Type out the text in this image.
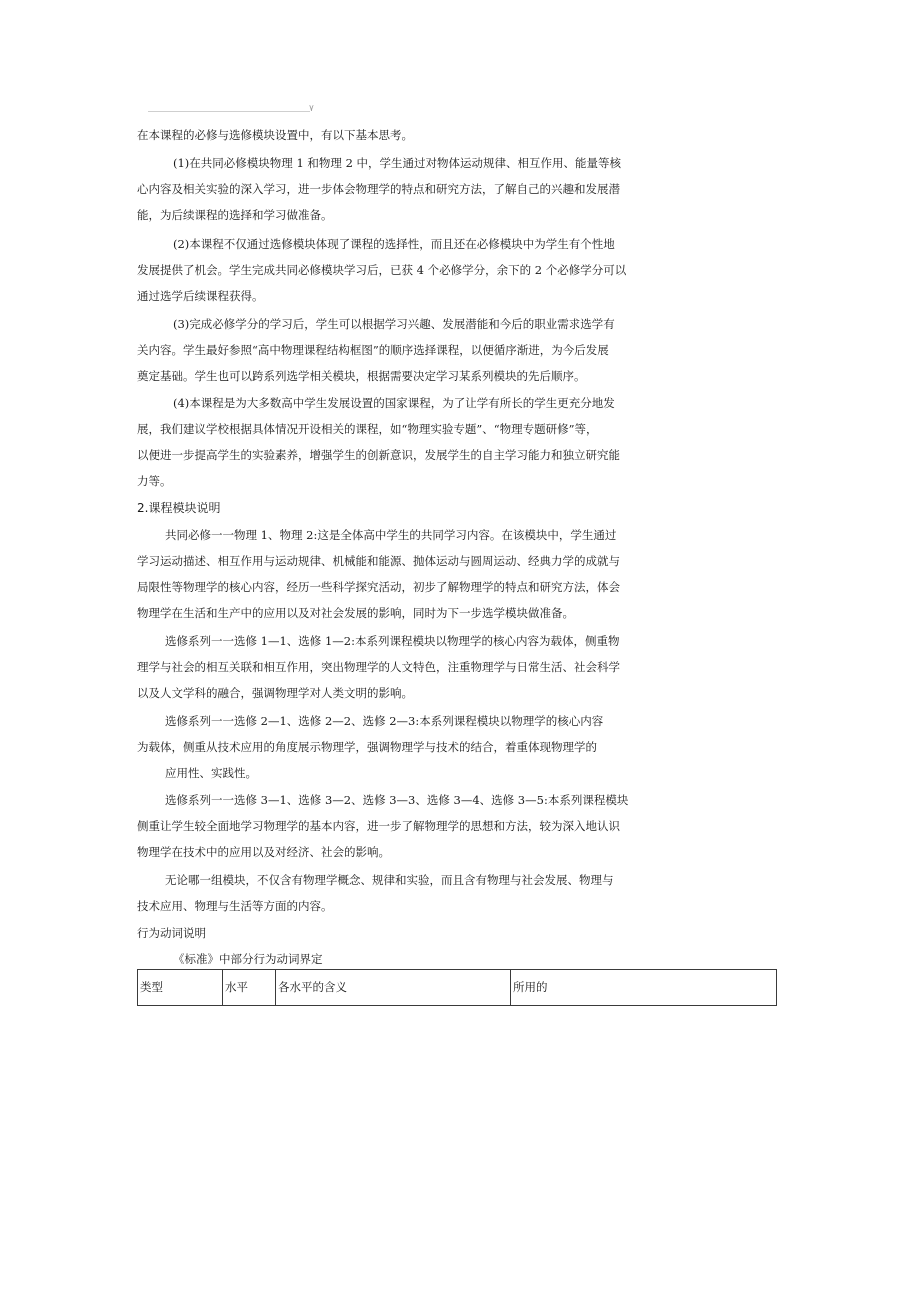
۷
在本课程的必修与选修模块设置中，有以下基本思考。
(1)在共同必修模块物理 1 和物理 2 中，学生通过对物体运动规律、相互作用、能量等核
心内容及相关实验的深入学习，进一步体会物理学的特点和研究方法，了解自己的兴趣和发展潜
能，为后续课程的选择和学习做准备。
(2)本课程不仅通过选修模块体现了课程的选择性，而且还在必修模块中为学生有个性地
发展提供了机会。学生完成共同必修模块学习后，已获 4 个必修学分，余下的 2 个必修学分可以
通过选学后续课程获得。
(3)完成必修学分的学习后，学生可以根据学习兴趣、发展潜能和今后的职业需求选学有
关内容。学生最好参照“高中物理课程结构框图”的顺序选择课程，以便循序渐进，为今后发展
奠定基础。学生也可以跨系列选学相关模块，根据需要决定学习某系列模块的先后顺序。
(4)本课程是为大多数高中学生发展设置的国家课程，为了让学有所长的学生更充分地发
展，我们建议学校根据具体情况开设相关的课程，如“物理实验专题”、“物理专题研修”等，
以便进一步提高学生的实验素养，增强学生的创新意识，发展学生的自主学习能力和独立研究能
力等。
2.课程模块说明
共同必修一一物理 1、物理 2:这是全体高中学生的共同学习内容。在该模块中，学生通过
学习运动描述、相互作用与运动规律、机械能和能源、抛体运动与圆周运动、经典力学的成就与
局限性等物理学的核心内容，经历一些科学探究活动，初步了解物理学的特点和研究方法，体会
物理学在生活和生产中的应用以及对社会发展的影响，同时为下一步选学模块做准备。
选修系列一一选修 1—1、选修 1—2:本系列课程模块以物理学的核心内容为载体，侧重物
理学与社会的相互关联和相互作用，突出物理学的人文特色，注重物理学与日常生活、社会科学
以及人文学科的融合，强调物理学对人类文明的影响。
选修系列一一选修 2—1、选修 2—2、选修 2—3:本系列课程模块以物理学的核心内容
为载体，侧重从技术应用的角度展示物理学，强调物理学与技术的结合，着重体现物理学的
应用性、实践性。
选修系列一一选修 3—1、选修 3—2、选修 3—3、选修 3—4、选修 3—5:本系列课程模块
侧重让学生较全面地学习物理学的基本内容，进一步了解物理学的思想和方法，较为深入地认识
物理学在技术中的应用以及对经济、社会的影响。
无论哪一组模块，不仅含有物理学概念、规律和实验，而且含有物理与社会发展、物理与
技术应用、物理与生活等方面的内容。
行为动词说明
《标准》中部分行为动词界定
类型	水平	各水平的含义	所用的
